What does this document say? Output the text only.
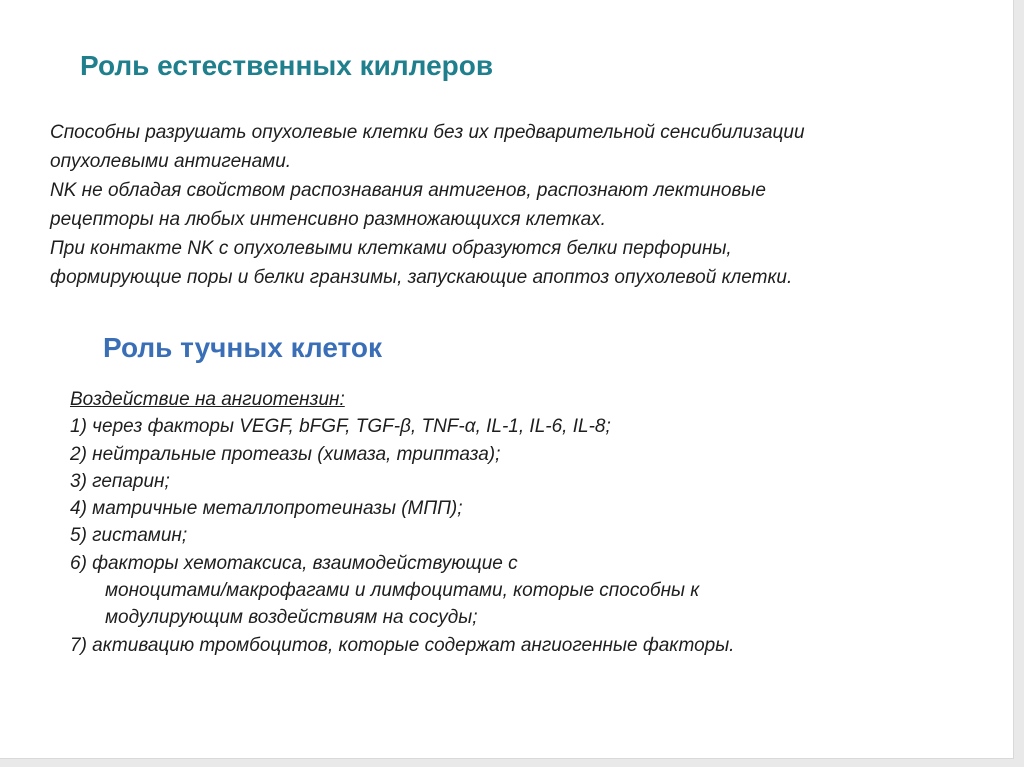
Роль естественных киллеров
Способны разрушать опухолевые клетки без их предварительной сенсибилизации
опухолевыми антигенами.
NK не обладая свойством распознавания антигенов, распознают лектиновые
рецепторы на любых интенсивно размножающихся клетках.
При контакте NK с опухолевыми клетками образуются белки перфорины,
формирующие поры и белки гранзимы, запускающие апоптоз опухолевой клетки.
Роль тучных клеток
Воздействие на ангиотензин:
1) через факторы VEGF, bFGF, TGF-β, TNF-α, IL-1, IL-6, IL-8;
2) нейтральные протеазы (химаза, триптаза);
3) гепарин;
4) матричные металлопротеиназы (МПП);
5) гистамин;
6) факторы хемотаксиса, взаимодействующие с
моноцитами/макрофагами и лимфоцитами, которые способны к
модулирующим воздействиям на сосуды;
7) активацию тромбоцитов, которые содержат ангиогенные факторы.
